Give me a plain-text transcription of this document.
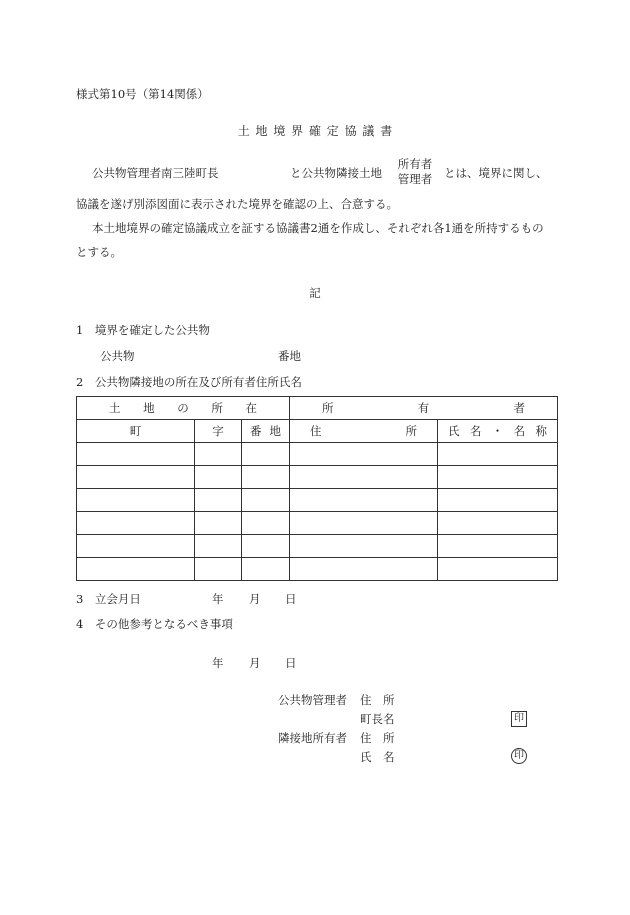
様式第10号（第14関係）
土 地 境 界 確 定 協 議 書
公共物管理者南三陸町長	と公共物隣接土地
所有者
管理者	とは、境界に関し、
協議を遂げ別添図面に表示された境界を確認の上、合意する。
本土地境界の確定協議成立を証する協議書2通を作成し、それぞれ各1通を所持するもの
とする。
記
1　境界を確定した公共物
公共物	番地
2　公共物隣接地の所在及び所有者住所氏名
土 地 の 所 在			所 有 者	

町	字	番 地	住 所	氏 名 ・ 名 称

3　立会月日	年 月 日
4　その他参考となるべき事項
年 月 日
公共物管理者 住　所
町長名	印
隣接地所有者 住　所
氏　名	印
